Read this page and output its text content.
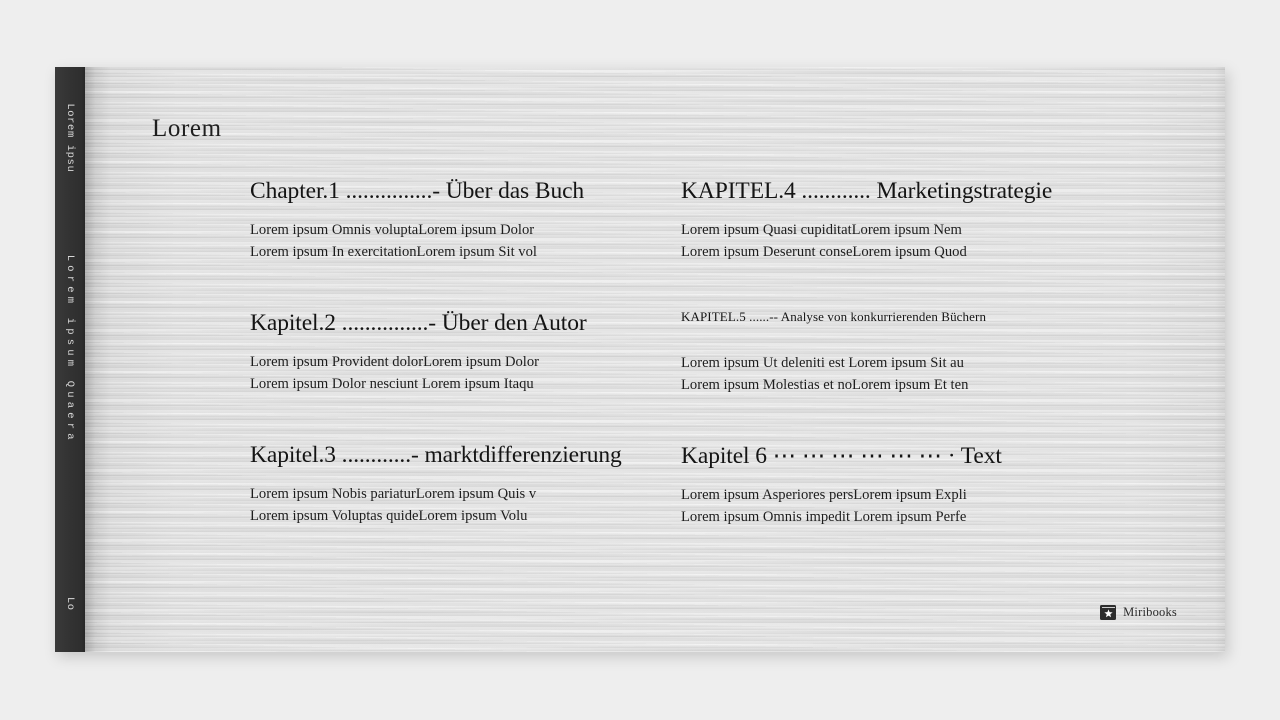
Lorem ipsu
Lorem ipsum Quaera
Lo
Lorem
Chapter.1 ...............- Über das Buch
Lorem ipsum Omnis voluptaLorem ipsum Dolor
Lorem ipsum In exercitationLorem ipsum Sit vol
Kapitel.2 ...............- Über den Autor
Lorem ipsum Provident dolorLorem ipsum Dolor
Lorem ipsum Dolor nesciunt Lorem ipsum Itaqu
Kapitel.3 ............- marktdifferenzierung
Lorem ipsum Nobis pariaturLorem ipsum Quis v
Lorem ipsum Voluptas quideLorem ipsum Volu
KAPITEL.4 ............ Marketingstrategie
Lorem ipsum Quasi cupiditatLorem ipsum Nem
Lorem ipsum Deserunt conseLorem ipsum Quod
KAPITEL.5 ......-- Analyse von konkurrierenden Büchern
Lorem ipsum Ut deleniti est Lorem ipsum Sit au
Lorem ipsum Molestias et noLorem ipsum Et ten
Kapitel 6 ⋯ ⋯ ⋯ ⋯ ⋯ ⋯ · Text
Lorem ipsum Asperiores persLorem ipsum Expli
Lorem ipsum Omnis impedit Lorem ipsum Perfe
Miribooks
